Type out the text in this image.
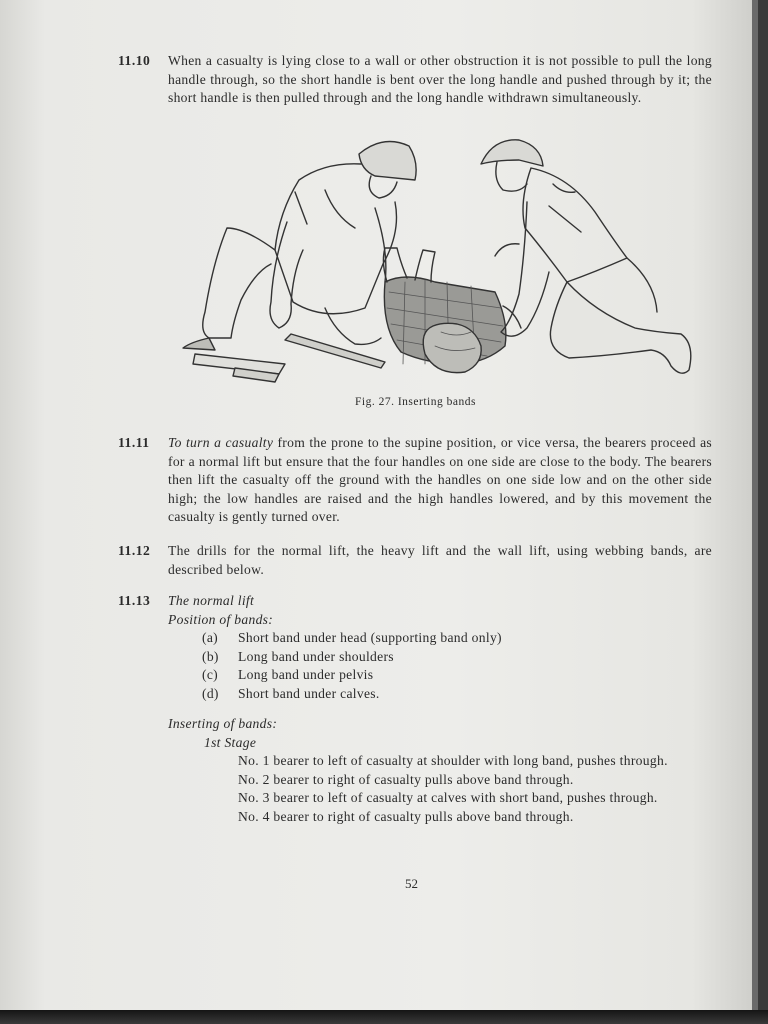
11.10 When a casualty is lying close to a wall or other obstruction it is not possible to pull the long handle through, so the short handle is bent over the long handle and pushed through by it; the short handle is then pulled through and the long handle withdrawn simultaneously.
Fig. 27. Inserting bands
11.11 To turn a casualty from the prone to the supine position, or vice versa, the bearers proceed as for a normal lift but ensure that the four handles on one side are close to the body. The bearers then lift the casualty off the ground with the handles on one side low and on the other side high; the low handles are raised and the high handles lowered, and by this movement the casualty is gently turned over.
11.12 The drills for the normal lift, the heavy lift and the wall lift, using webbing bands, are described below.
11.13 The normal lift
Position of bands:
(a) Short band under head (supporting band only)
(b) Long band under shoulders
(c) Long band under pelvis
(d) Short band under calves.
Inserting of bands:
1st Stage
No. 1 bearer to left of casualty at shoulder with long band, pushes through.
No. 2 bearer to right of casualty pulls above band through.
No. 3 bearer to left of casualty at calves with short band, pushes through.
No. 4 bearer to right of casualty pulls above band through.
52
